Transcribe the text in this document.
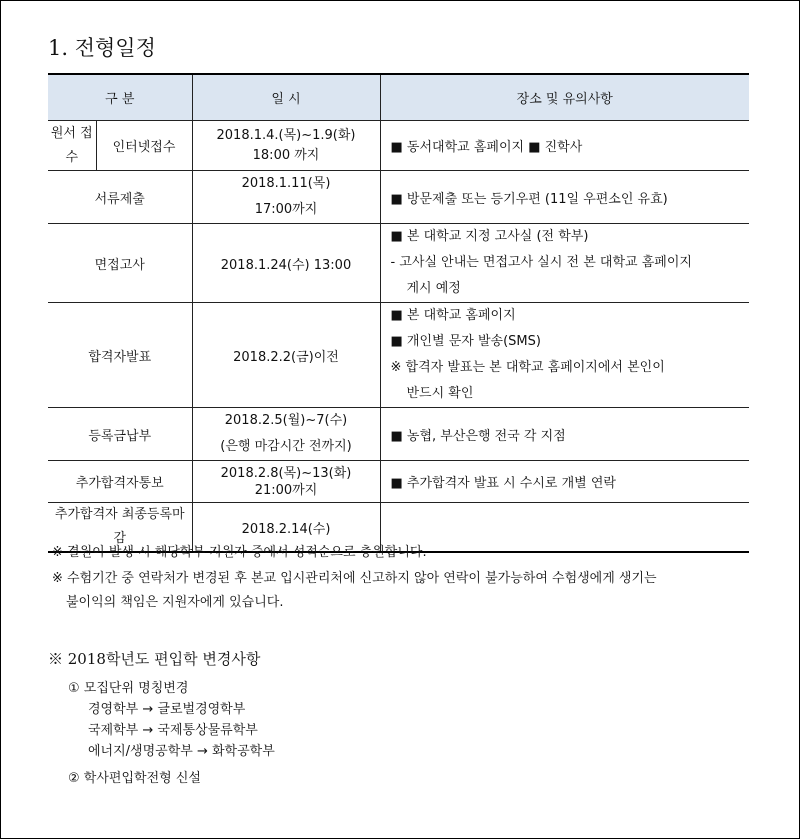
1. 전형일정
구 분		일 시	장소 및 유의사항
원서 접수	인터넷접수	2018.1.4.(목)~1.9(화)
18:00 까지	■ 동서대학교 홈페이지 ■ 진학사

서류제출		2018.1.11(목)
17:00까지	■ 방문제출 또는 등기우편 (11일 우편소인 유효)

면접고사		2018.1.24(수) 13:00	■ 본 대학교 지정 고사실 (전 학부)
- 고사실 안내는 면접고사 실시 전 본 대학교 홈페이지
게시 예정

합격자발표		2018.2.2(금)이전	■ 본 대학교 홈페이지
■ 개인별 문자 발송(SMS)
※ 합격자 발표는 본 대학교 홈페이지에서 본인이
반드시 확인

등록금납부		2018.2.5(월)~7(수)
(은행 마감시간 전까지)	■ 농협, 부산은행 전국 각 지점

추가합격자통보		2018.2.8(목)~13(화)
21:00까지	■ 추가합격자 발표 시 수시로 개별 연락

추가합격자 최종등록마감		2018.2.14(수)	
※ 결원이 발생 시 해당학부 지원자 중에서 성적순으로 충원합니다.
※ 수험기간 중 연락처가 변경된 후 본교 입시관리처에 신고하지 않아 연락이 불가능하여 수험생에게 생기는
불이익의 책임은 지원자에게 있습니다.
※ 2018학년도 편입학 변경사항
① 모집단위 명칭변경
경영학부 → 글로벌경영학부
국제학부 → 국제통상물류학부
에너지/생명공학부 → 화학공학부
② 학사편입학전형 신설
